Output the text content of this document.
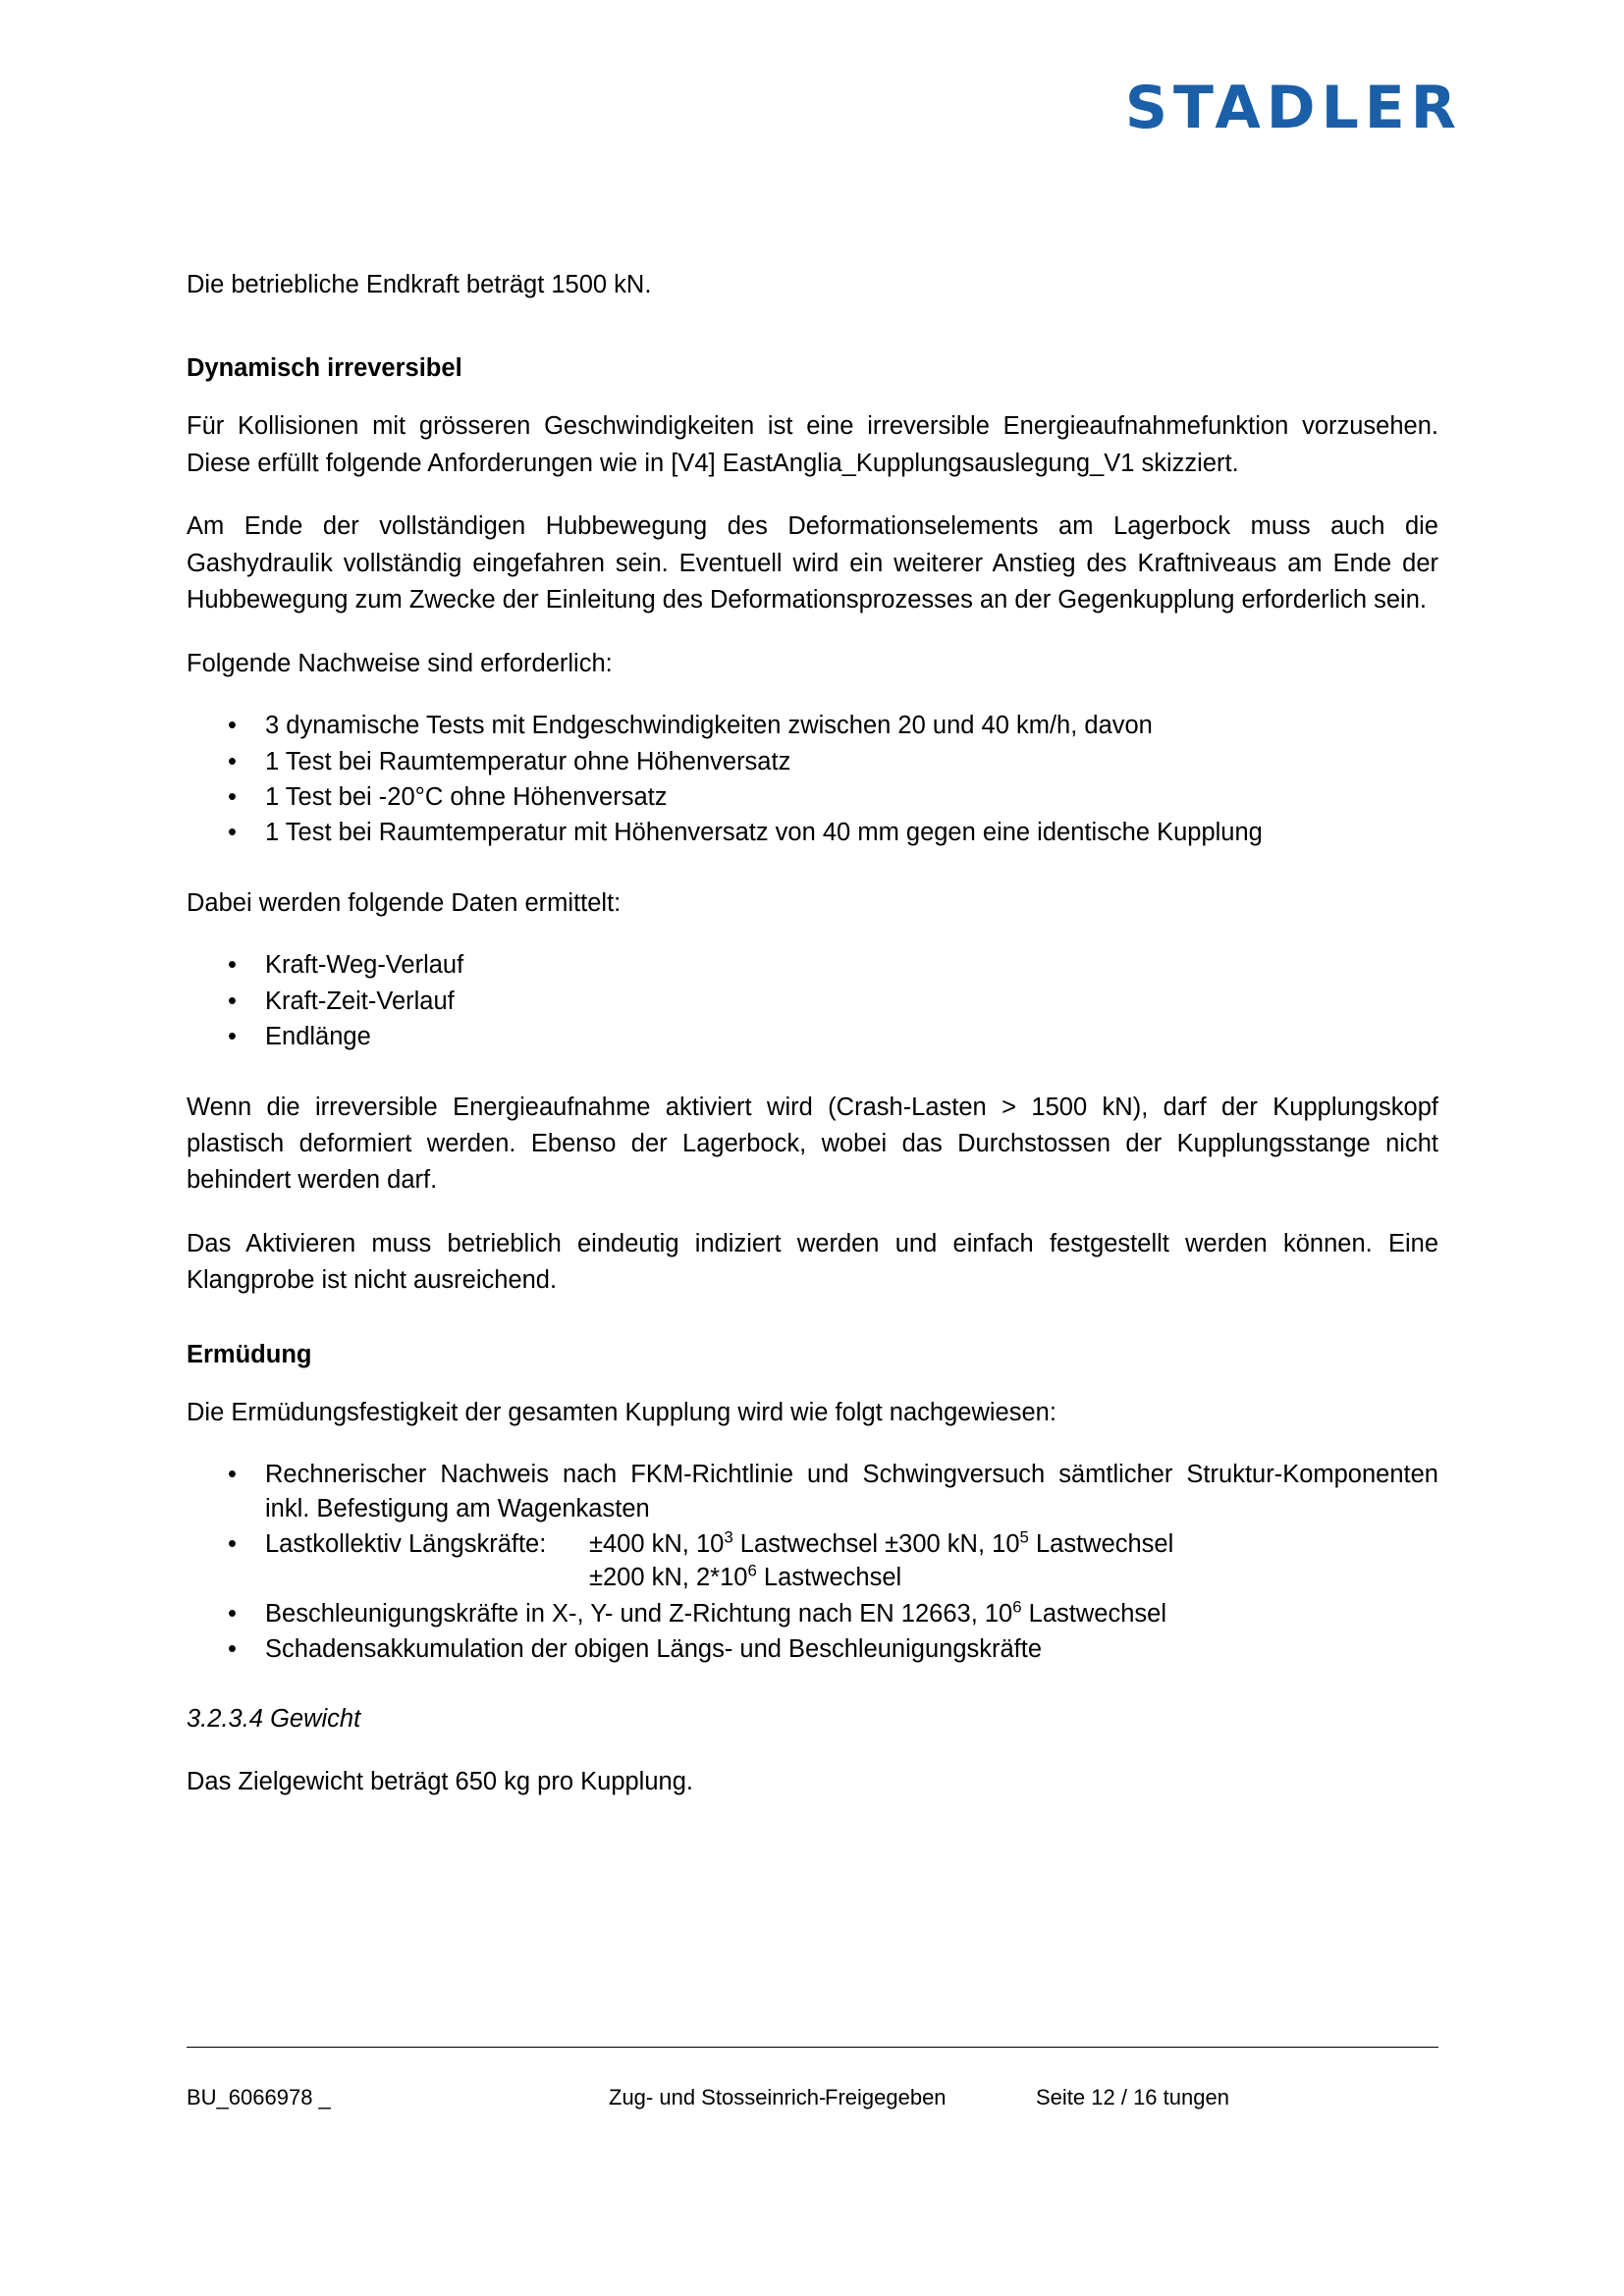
STADLER

Die betriebliche Endkraft beträgt 1500 kN.

Dynamisch irreversibel

Für Kollisionen mit grösseren Geschwindigkeiten ist eine irreversible Energieaufnahmefunktion vorzusehen. Diese erfüllt folgende Anforderungen wie in [V4] EastAnglia_Kupplungsauslegung_V1 skizziert.

Am Ende der vollständigen Hubbewegung des Deformationselements am Lagerbock muss auch die Gashydraulik vollständig eingefahren sein. Eventuell wird ein weiterer Anstieg des Kraftniveaus am Ende der Hubbewegung zum Zwecke der Einleitung des Deformationsprozesses an der Gegenkupplung erforderlich sein.

Folgende Nachweise sind erforderlich:

• 3 dynamische Tests mit Endgeschwindigkeiten zwischen 20 und 40 km/h, davon
• 1 Test bei Raumtemperatur ohne Höhenversatz
• 1 Test bei -20°C ohne Höhenversatz
• 1 Test bei Raumtemperatur mit Höhenversatz von 40 mm gegen eine identische Kupplung

Dabei werden folgende Daten ermittelt:

• Kraft-Weg-Verlauf
• Kraft-Zeit-Verlauf
• Endlänge

Wenn die irreversible Energieaufnahme aktiviert wird (Crash-Lasten > 1500 kN), darf der Kupplungskopf plastisch deformiert werden. Ebenso der Lagerbock, wobei das Durchstossen der Kupplungsstange nicht behindert werden darf.

Das Aktivieren muss betrieblich eindeutig indiziert werden und einfach festgestellt werden können. Eine Klangprobe ist nicht ausreichend.

Ermüdung

Die Ermüdungsfestigkeit der gesamten Kupplung wird wie folgt nachgewiesen:

• Rechnerischer Nachweis nach FKM-Richtlinie und Schwingversuch sämtlicher Struktur-Komponenten inkl. Befestigung am Wagenkasten
• Lastkollektiv Längskräfte: ±400 kN, $10^3$ Lastwechsel ±300 kN, $10^5$ Lastwechsel
±200 kN, $2*10^6$ Lastwechsel
• Beschleunigungskräfte in X-, Y- und Z-Richtung nach EN 12663, $10^6$ Lastwechsel
• Schadensakkumulation der obigen Längs- und Beschleunigungskräfte
3.2.3.4 Gewicht

Das Zielgewicht beträgt 650 kg pro Kupplung.

BU_6066978 _	Zug- und Stosseinrich-Freigegeben	Seite 12 / 16 tungen
